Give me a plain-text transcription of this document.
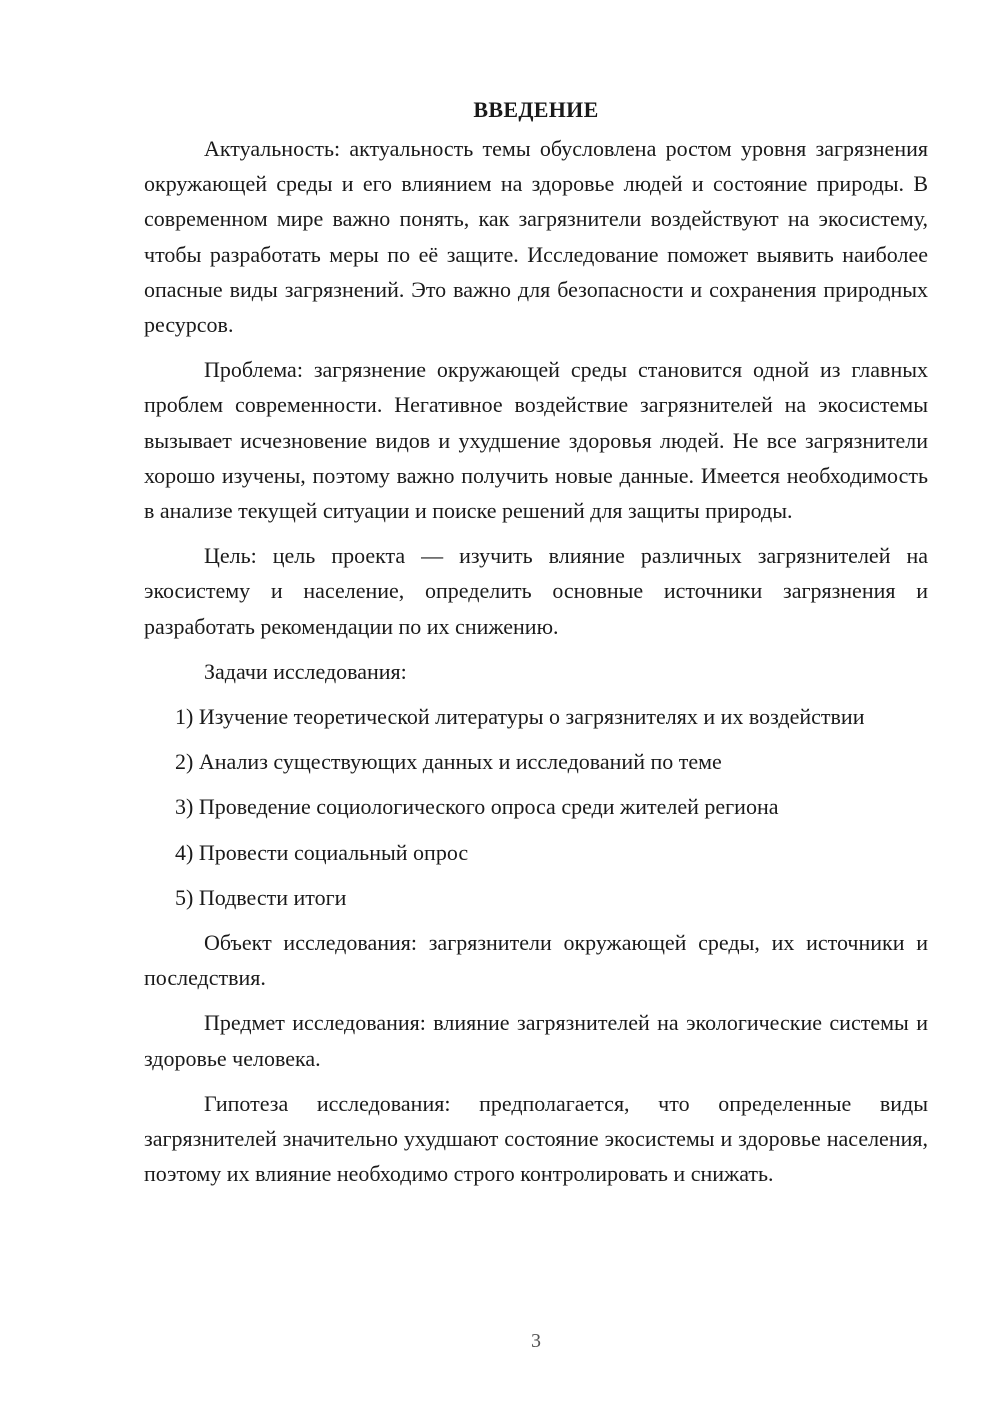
ВВЕДЕНИЕ

Актуальность: актуальность темы обусловлена ростом уровня загрязнения окружающей среды и его влиянием на здоровье людей и состояние природы. В современном мире важно понять, как загрязнители воздействуют на экосистему, чтобы разработать меры по её защите. Исследование поможет выявить наиболее опасные виды загрязнений. Это важно для безопасности и сохранения природных ресурсов.

Проблема: загрязнение окружающей среды становится одной из главных проблем современности. Негативное воздействие загрязнителей на экосистемы вызывает исчезновение видов и ухудшение здоровья людей. Не все загрязнители хорошо изучены, поэтому важно получить новые данные. Имеется необходимость в анализе текущей ситуации и поиске решений для защиты природы.

Цель: цель проекта — изучить влияние различных загрязнителей на экосистему и население, определить основные источники загрязнения и разработать рекомендации по их снижению.

Задачи исследования:

1) Изучение теоретической литературы о загрязнителях и их воздействии

2) Анализ существующих данных и исследований по теме

3) Проведение социологического опроса среди жителей региона

4) Провести социальный опрос

5) Подвести итоги

Объект исследования: загрязнители окружающей среды, их источники и последствия.

Предмет исследования: влияние загрязнителей на экологические системы и здоровье человека.

Гипотеза исследования: предполагается, что определенные виды загрязнителей значительно ухудшают состояние экосистемы и здоровье населения, поэтому их влияние необходимо строго контролировать и снижать.

3
